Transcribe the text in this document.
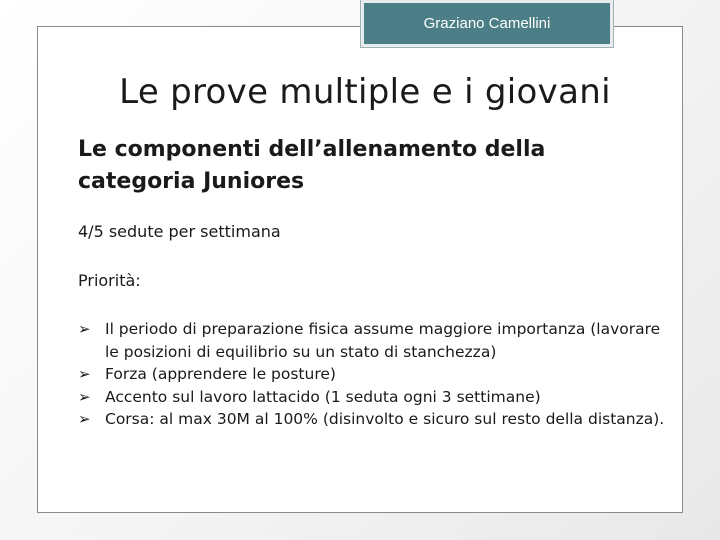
Graziano Camellini
Le prove multiple e i giovani
Le componenti dell’allenamento della categoria Juniores
4/5 sedute per settimana
Priorità:
➢ Il periodo di preparazione fisica assume maggiore importanza (lavorare le posizioni di equilibrio su un stato di stanchezza)
➢ Forza (apprendere le posture)
➢ Accento sul lavoro lattacido (1 seduta ogni 3 settimane)
➢ Corsa: al max 30M al 100% (disinvolto e sicuro sul resto della distanza).
